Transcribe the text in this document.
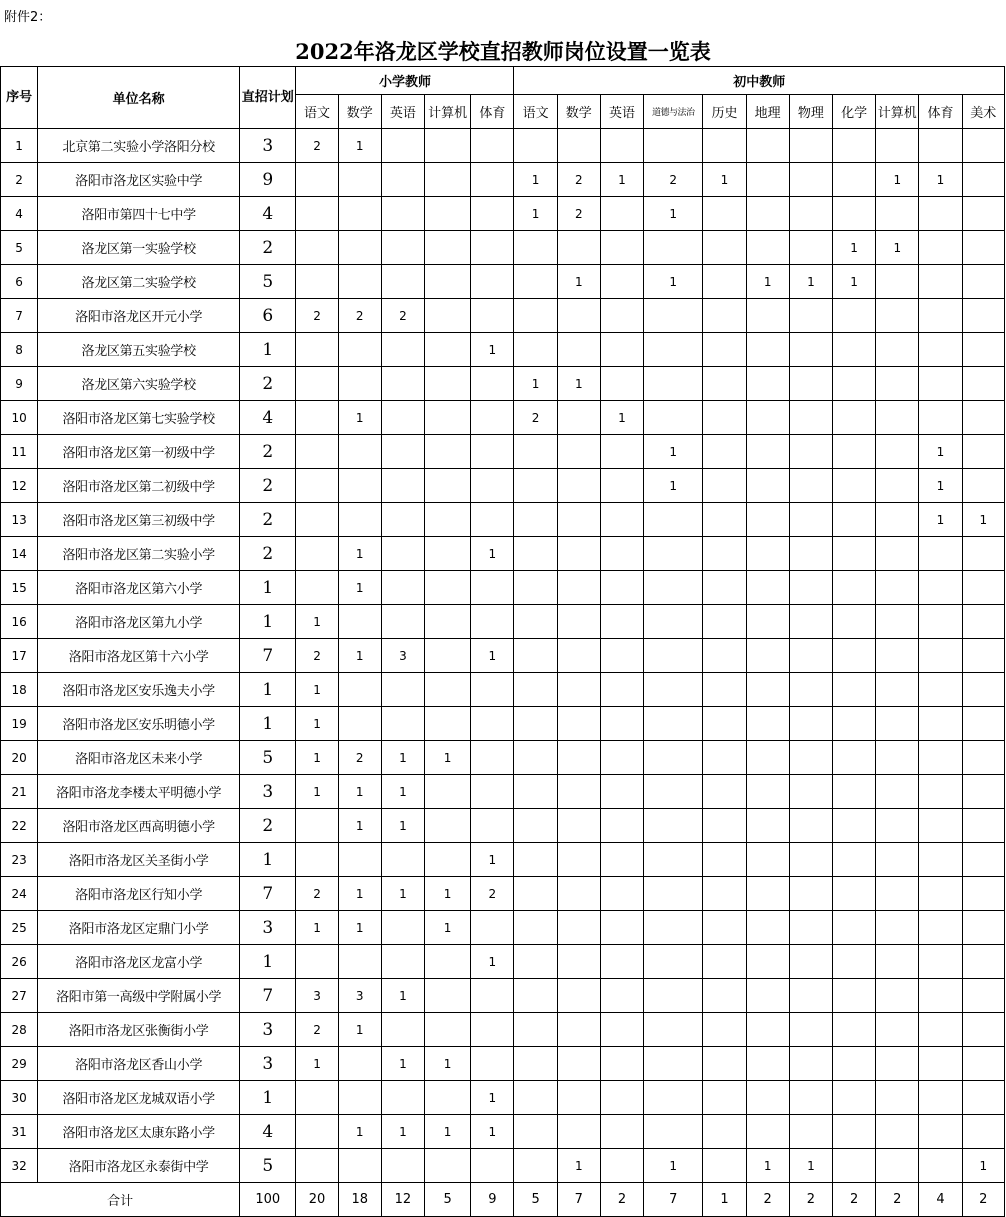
附件2：
2022年洛龙区学校直招教师岗位设置一览表
序号	单位名称	直招计划	小学教师					初中教师										
			语文	数学	英语	计算机	体育	语文	数学	英语	道德与法治	历史	地理	物理	化学	计算机	体育	美术
1	北京第二实验小学洛阳分校	3	2	1														
2	洛阳市洛龙区实验中学	9						1	2	1	2	1				1	1	
4	洛阳市第四十七中学	4						1	2		1							
5	洛龙区第一实验学校	2													1	1		
6	洛龙区第二实验学校	5							1		1		1	1	1			
7	洛阳市洛龙区开元小学	6	2	2	2													
8	洛龙区第五实验学校	1					1											
9	洛龙区第六实验学校	2						1	1									
10	洛阳市洛龙区第七实验学校	4		1				2		1								
11	洛阳市洛龙区第一初级中学	2									1						1	
12	洛阳市洛龙区第二初级中学	2									1						1	
13	洛阳市洛龙区第三初级中学	2															1	1
14	洛阳市洛龙区第二实验小学	2		1			1											
15	洛阳市洛龙区第六小学	1		1														
16	洛阳市洛龙区第九小学	1	1															
17	洛阳市洛龙区第十六小学	7	2	1	3		1											
18	洛阳市洛龙区安乐逸夫小学	1	1															
19	洛阳市洛龙区安乐明德小学	1	1															
20	洛阳市洛龙区未来小学	5	1	2	1	1												
21	洛阳市洛龙李楼太平明德小学	3	1	1	1													
22	洛阳市洛龙区西高明德小学	2		1	1													
23	洛阳市洛龙区关圣街小学	1					1											
24	洛阳市洛龙区行知小学	7	2	1	1	1	2											
25	洛阳市洛龙区定鼎门小学	3	1	1		1												
26	洛阳市洛龙区龙富小学	1					1											
27	洛阳市第一高级中学附属小学	7	3	3	1													
28	洛阳市洛龙区张衡街小学	3	2	1														
29	洛阳市洛龙区香山小学	3	1		1	1												
30	洛阳市洛龙区龙城双语小学	1					1											
31	洛阳市洛龙区太康东路小学	4		1	1	1	1											
32	洛阳市洛龙区永泰街中学	5							1		1		1	1				1
合计		100	20	18	12	5	9	5	7	2	7	1	2	2	2	2	4	2
